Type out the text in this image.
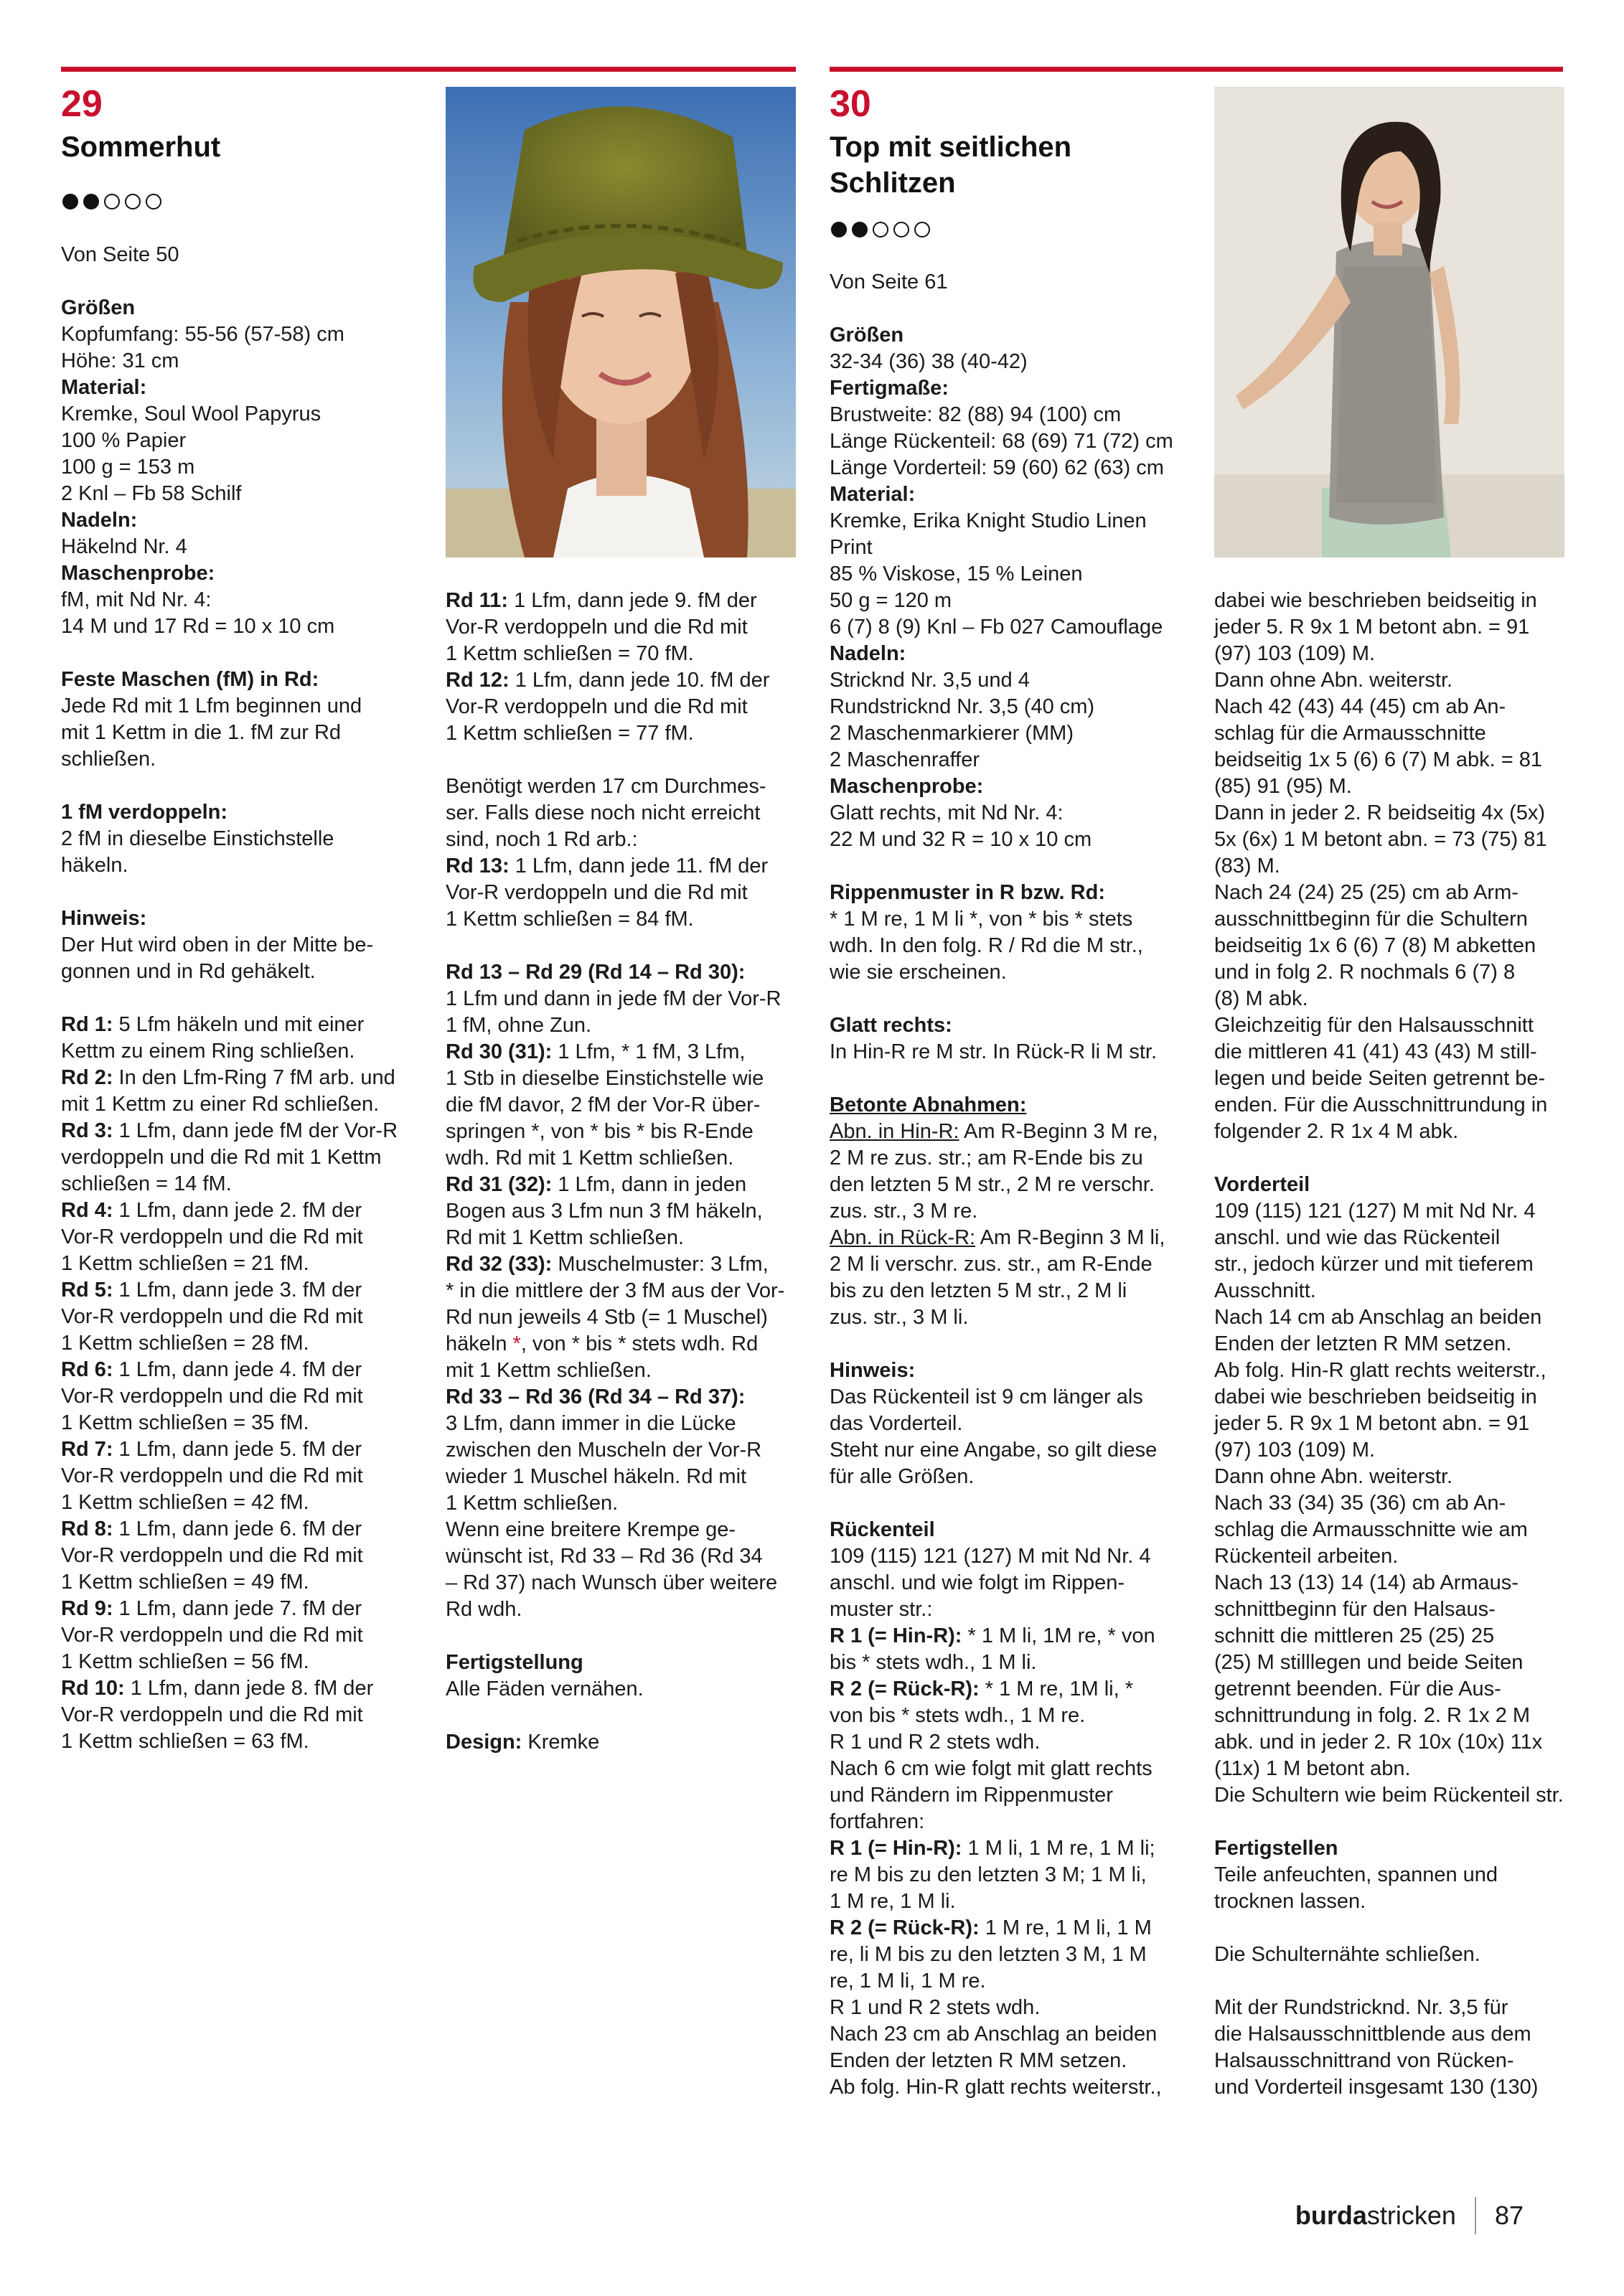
29
Sommerhut

Von Seite 50

Größen

Kopfumfang: 55-56 (57-58) cm

Höhe: 31 cm

Material:

Kremke, Soul Wool Papyrus

100 % Papier

100 g = 153 m

2 Knl – Fb 58 Schilf

Nadeln:

Häkelnd Nr. 4

Maschenprobe:

fM, mit Nd Nr. 4:

14 M und 17 Rd = 10 x 10 cm

Feste Maschen (fM) in Rd:

Jede Rd mit 1 Lfm beginnen und

mit 1 Kettm in die 1. fM zur Rd

schließen.

1 fM verdoppeln:

2 fM in dieselbe Einstichstelle

häkeln.

Hinweis:

Der Hut wird oben in der Mitte be-

gonnen und in Rd gehäkelt.

Rd 1: 5 Lfm häkeln und mit einer

Kettm zu einem Ring schließen.

Rd 2: In den Lfm-Ring 7 fM arb. und

mit 1 Kettm zu einer Rd schließen.

Rd 3: 1 Lfm, dann jede fM der Vor-R

verdoppeln und die Rd mit 1 Kettm

schließen = 14 fM.

Rd 4: 1 Lfm, dann jede 2. fM der

Vor-R verdoppeln und die Rd mit

1 Kettm schließen = 21 fM.

Rd 5: 1 Lfm, dann jede 3. fM der

Vor-R verdoppeln und die Rd mit

1 Kettm schließen = 28 fM.

Rd 6: 1 Lfm, dann jede 4. fM der

Vor-R verdoppeln und die Rd mit

1 Kettm schließen = 35 fM.

Rd 7: 1 Lfm, dann jede 5. fM der

Vor-R verdoppeln und die Rd mit

1 Kettm schließen = 42 fM.

Rd 8: 1 Lfm, dann jede 6. fM der

Vor-R verdoppeln und die Rd mit

1 Kettm schließen = 49 fM.

Rd 9: 1 Lfm, dann jede 7. fM der

Vor-R verdoppeln und die Rd mit

1 Kettm schließen = 56 fM.

Rd 10: 1 Lfm, dann jede 8. fM der

Vor-R verdoppeln und die Rd mit

1 Kettm schließen = 63 fM.

Rd 11: 1 Lfm, dann jede 9. fM der

Vor-R verdoppeln und die Rd mit

1 Kettm schließen = 70 fM.

Rd 12: 1 Lfm, dann jede 10. fM der

Vor-R verdoppeln und die Rd mit

1 Kettm schließen = 77 fM.

Benötigt werden 17 cm Durchmes-

ser. Falls diese noch nicht erreicht

sind, noch 1 Rd arb.:

Rd 13: 1 Lfm, dann jede 11. fM der

Vor-R verdoppeln und die Rd mit

1 Kettm schließen = 84 fM.

Rd 13 – Rd 29 (Rd 14 – Rd 30):

1 Lfm und dann in jede fM der Vor-R

1 fM, ohne Zun.

Rd 30 (31): 1 Lfm, * 1 fM, 3 Lfm,

1 Stb in dieselbe Einstichstelle wie

die fM davor, 2 fM der Vor-R über-

springen *, von * bis * bis R-Ende

wdh. Rd mit 1 Kettm schließen.

Rd 31 (32): 1 Lfm, dann in jeden

Bogen aus 3 Lfm nun 3 fM häkeln,

Rd mit 1 Kettm schließen.

Rd 32 (33): Muschelmuster: 3 Lfm,

* in die mittlere der 3 fM aus der Vor-

Rd nun jeweils 4 Stb (= 1 Muschel)

häkeln *, von * bis * stets wdh. Rd

mit 1 Kettm schließen.

Rd 33 – Rd 36 (Rd 34 – Rd 37):

3 Lfm, dann immer in die Lücke

zwischen den Muscheln der Vor-R

wieder 1 Muschel häkeln. Rd mit

1 Kettm schließen.

Wenn eine breitere Krempe ge-

wünscht ist, Rd 33 – Rd 36 (Rd 34

– Rd 37) nach Wunsch über weitere

Rd wdh.

Fertigstellung

Alle Fäden vernähen.

Design: Kremke

30
Top mit seitlichen
Schlitzen

Von Seite 61

Größen

32-34 (36) 38 (40-42)

Fertigmaße:

Brustweite: 82 (88) 94 (100) cm

Länge Rückenteil: 68 (69) 71 (72) cm

Länge Vorderteil: 59 (60) 62 (63) cm

Material:

Kremke, Erika Knight Studio Linen

Print

85 % Viskose, 15 % Leinen

50 g = 120 m

6 (7) 8 (9) Knl – Fb 027 Camouflage

Nadeln:

Stricknd Nr. 3,5 und 4

Rundstricknd Nr. 3,5 (40 cm)

2 Maschenmarkierer (MM)

2 Maschenraffer

Maschenprobe:

Glatt rechts, mit Nd Nr. 4:

22 M und 32 R = 10 x 10 cm

Rippenmuster in R bzw. Rd:

* 1 M re, 1 M li *, von * bis * stets

wdh. In den folg. R / Rd die M str.,

wie sie erscheinen.

Glatt rechts:

In Hin-R re M str. In Rück-R li M str.

Betonte Abnahmen:

Abn. in Hin-R: Am R-Beginn 3 M re,

2 M re zus. str.; am R-Ende bis zu

den letzten 5 M str., 2 M re verschr.

zus. str., 3 M re.

Abn. in Rück-R: Am R-Beginn 3 M li,

2 M li verschr. zus. str., am R-Ende

bis zu den letzten 5 M str., 2 M li

zus. str., 3 M li.

Hinweis:

Das Rückenteil ist 9 cm länger als

das Vorderteil.

Steht nur eine Angabe, so gilt diese

für alle Größen.

Rückenteil

109 (115) 121 (127) M mit Nd Nr. 4

anschl. und wie folgt im Rippen-

muster str.:

R 1 (= Hin-R): * 1 M li, 1M re, * von

bis * stets wdh., 1 M li.

R 2 (= Rück-R): * 1 M re, 1M li, *

von bis * stets wdh., 1 M re.

R 1 und R 2 stets wdh.

Nach 6 cm wie folgt mit glatt rechts

und Rändern im Rippenmuster

fortfahren:

R 1 (= Hin-R): 1 M li, 1 M re, 1 M li;

re M bis zu den letzten 3 M; 1 M li,

1 M re, 1 M li.

R 2 (= Rück-R): 1 M re, 1 M li, 1 M

re, li M bis zu den letzten 3 M, 1 M

re, 1 M li, 1 M re.

R 1 und R 2 stets wdh.

Nach 23 cm ab Anschlag an beiden

Enden der letzten R MM setzen.

Ab folg. Hin-R glatt rechts weiterstr.,

dabei wie beschrieben beidseitig in

jeder 5. R 9x 1 M betont abn. = 91

(97) 103 (109) M.

Dann ohne Abn. weiterstr.

Nach 42 (43) 44 (45) cm ab An-

schlag für die Armausschnitte

beidseitig 1x 5 (6) 6 (7) M abk. = 81

(85) 91 (95) M.

Dann in jeder 2. R beidseitig 4x (5x)

5x (6x) 1 M betont abn. = 73 (75) 81

(83) M.

Nach 24 (24) 25 (25) cm ab Arm-

ausschnittbeginn für die Schultern

beidseitig 1x 6 (6) 7 (8) M abketten

und in folg 2. R nochmals 6 (7) 8

(8) M abk.

Gleichzeitig für den Halsausschnitt

die mittleren 41 (41) 43 (43) M still-

legen und beide Seiten getrennt be-

enden. Für die Ausschnittrundung in

folgender 2. R 1x 4 M abk.

Vorderteil

109 (115) 121 (127) M mit Nd Nr. 4

anschl. und wie das Rückenteil

str., jedoch kürzer und mit tieferem

Ausschnitt.

Nach 14 cm ab Anschlag an beiden

Enden der letzten R MM setzen.

Ab folg. Hin-R glatt rechts weiterstr.,

dabei wie beschrieben beidseitig in

jeder 5. R 9x 1 M betont abn. = 91

(97) 103 (109) M.

Dann ohne Abn. weiterstr.

Nach 33 (34) 35 (36) cm ab An-

schlag die Armausschnitte wie am

Rückenteil arbeiten.

Nach 13 (13) 14 (14) ab Armaus-

schnittbeginn für den Halsaus-

schnitt die mittleren 25 (25) 25

(25) M stilllegen und beide Seiten

getrennt beenden. Für die Aus-

schnittrundung in folg. 2. R 1x 2 M

abk. und in jeder 2. R 10x (10x) 11x

(11x) 1 M betont abn.

Die Schultern wie beim Rückenteil str.

Fertigstellen

Teile anfeuchten, spannen und

trocknen lassen.

Die Schulternähte schließen.

Mit der Rundstricknd. Nr. 3,5 für

die Halsausschnittblende aus dem

Halsausschnittrand von Rücken-

und Vorderteil insgesamt 130 (130)

burdastricken 87
